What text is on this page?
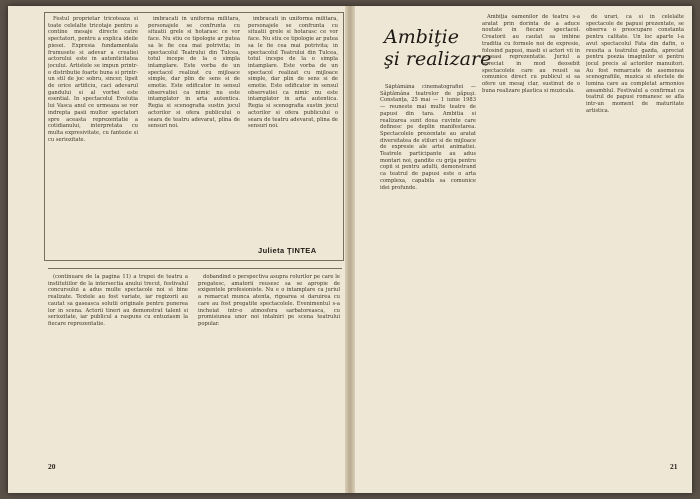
Festul proprietar tricoteaza si toate celelalte tricotaje pentru a contine mesaje directe catre spectatori, pentru a explica ideile piesei. Expresia fundamentala frumusete si adevar a creatiei actorului este in autenticitatea jocului. Artistele se impun printr-o distributie foarte buna si printr-un stil de joc sobru, sincer, lipsit de orice artificiu, caci adevarul gandului si al vorbei este esential. In spectacolul Evolutia lui Vasca anul ce urmeaza se vor indrepta pasii multor spectatori spre aceasta reprezentatie a cotidianului, interpretata cu multa expresivitate, cu fantezie si cu seriozitate.

imbracati in uniforma militara, personajele se confrunta cu situatii grele si hotarasc ce vor face. Nu stiu ce tipologie ar putea sa le fie cea mai potrivita; in spectacolul Teatrului din Tulcea, totul incepe de la o simpla intamplare. Este vorba de un spectacol realizat cu mijloace simple, dar plin de sens si de emotie. Este edificator in sensul observatiei ca nimic nu este intamplator in arta autentica. Regia si scenografia sustin jocul actorilor si ofera publicului o seara de teatru adevarat, plina de sensuri noi.

imbracati in uniforma militara, personajele se confrunta cu situatii grele si hotarasc ce vor face. Nu stiu ce tipologie ar putea sa le fie cea mai potrivita; in spectacolul Teatrului din Tulcea, totul incepe de la o simpla intamplare. Este vorba de un spectacol realizat cu mijloace simple, dar plin de sens si de emotie. Este edificator in sensul observatiei ca nimic nu este intamplator in arta autentica. Regia si scenografia sustin jocul actorilor si ofera publicului o seara de teatru adevarat, plina de sensuri noi.

Julieta ŢINTEA

(continuare de la pagina 11) a trupei de teatru a institutiilor de la intersectia anului trecut, festivalul concursului a adus multe spectacole noi si bine realizate. Textele au fost variate, iar regizorii au cautat sa gaseasca solutii originale pentru punerea lor in scena. Actorii tineri au demonstrat talent si seriozitate, iar publicul a raspuns cu entuziasm la fiecare reprezentatie.

dobandind o perspectiva asupra rolurilor pe care le pregatesc, amatorii reusesc sa se apropie de exigentele profesioniste. Nu e o intamplare ca juriul a remarcat munca atenta, rigoarea si daruirea cu care au fost pregatite spectacolele. Evenimentul s-a incheiat intr-o atmosfera sarbatoreasca, cu promisiunea unor noi intalniri pe scena teatrului popular.

20
Ambiţie
şi realizare

Săptămâna cinematografiei — Săptămâna teatrelor de păpuşi. Constanţa, 25 mai — 1 iunie 1983 — reuneste mai multe teatre de papusi din tara. Ambitia si realizarea sunt doua cuvinte care definesc pe deplin manifestarea. Spectacolele prezentate au aratat diversitatea de stiluri si de mijloace de expresie ale artei animatiei. Teatrele participante au adus montari noi, gandite cu grija pentru copii si pentru adulti, demonstrand ca teatrul de papusi este o arta complexa, capabila sa comunice idei profunde.

Ambiţia oamenilor de teatru s-a aratat prin dorinta de a aduce noutate in fiecare spectacol. Creatorii au cautat sa imbine traditia cu formele noi de expresie, folosind papusi, masti si actori vii in aceeasi reprezentatie. Juriul a apreciat in mod deosebit spectacolele care au reusit sa comunice direct cu publicul si sa ofere un mesaj clar, sustinut de o buna realizare plastica si muzicala.

de urari, ca si in celelalte spectacole de papusi prezentate, se observa o preocupare constanta pentru calitate. Un loc aparte l-a avut spectacolul Fata din dafin, o reusita a teatrului gazda, apreciat pentru poezia imaginilor si pentru jocul precis al actorilor manuitori. Au fost remarcate de asemenea scenografiile, muzica si efectele de lumina care au completat armonios ansamblul. Festivalul a confirmat ca teatrul de papusi romanesc se afla intr-un moment de maturitate artistica.

21
